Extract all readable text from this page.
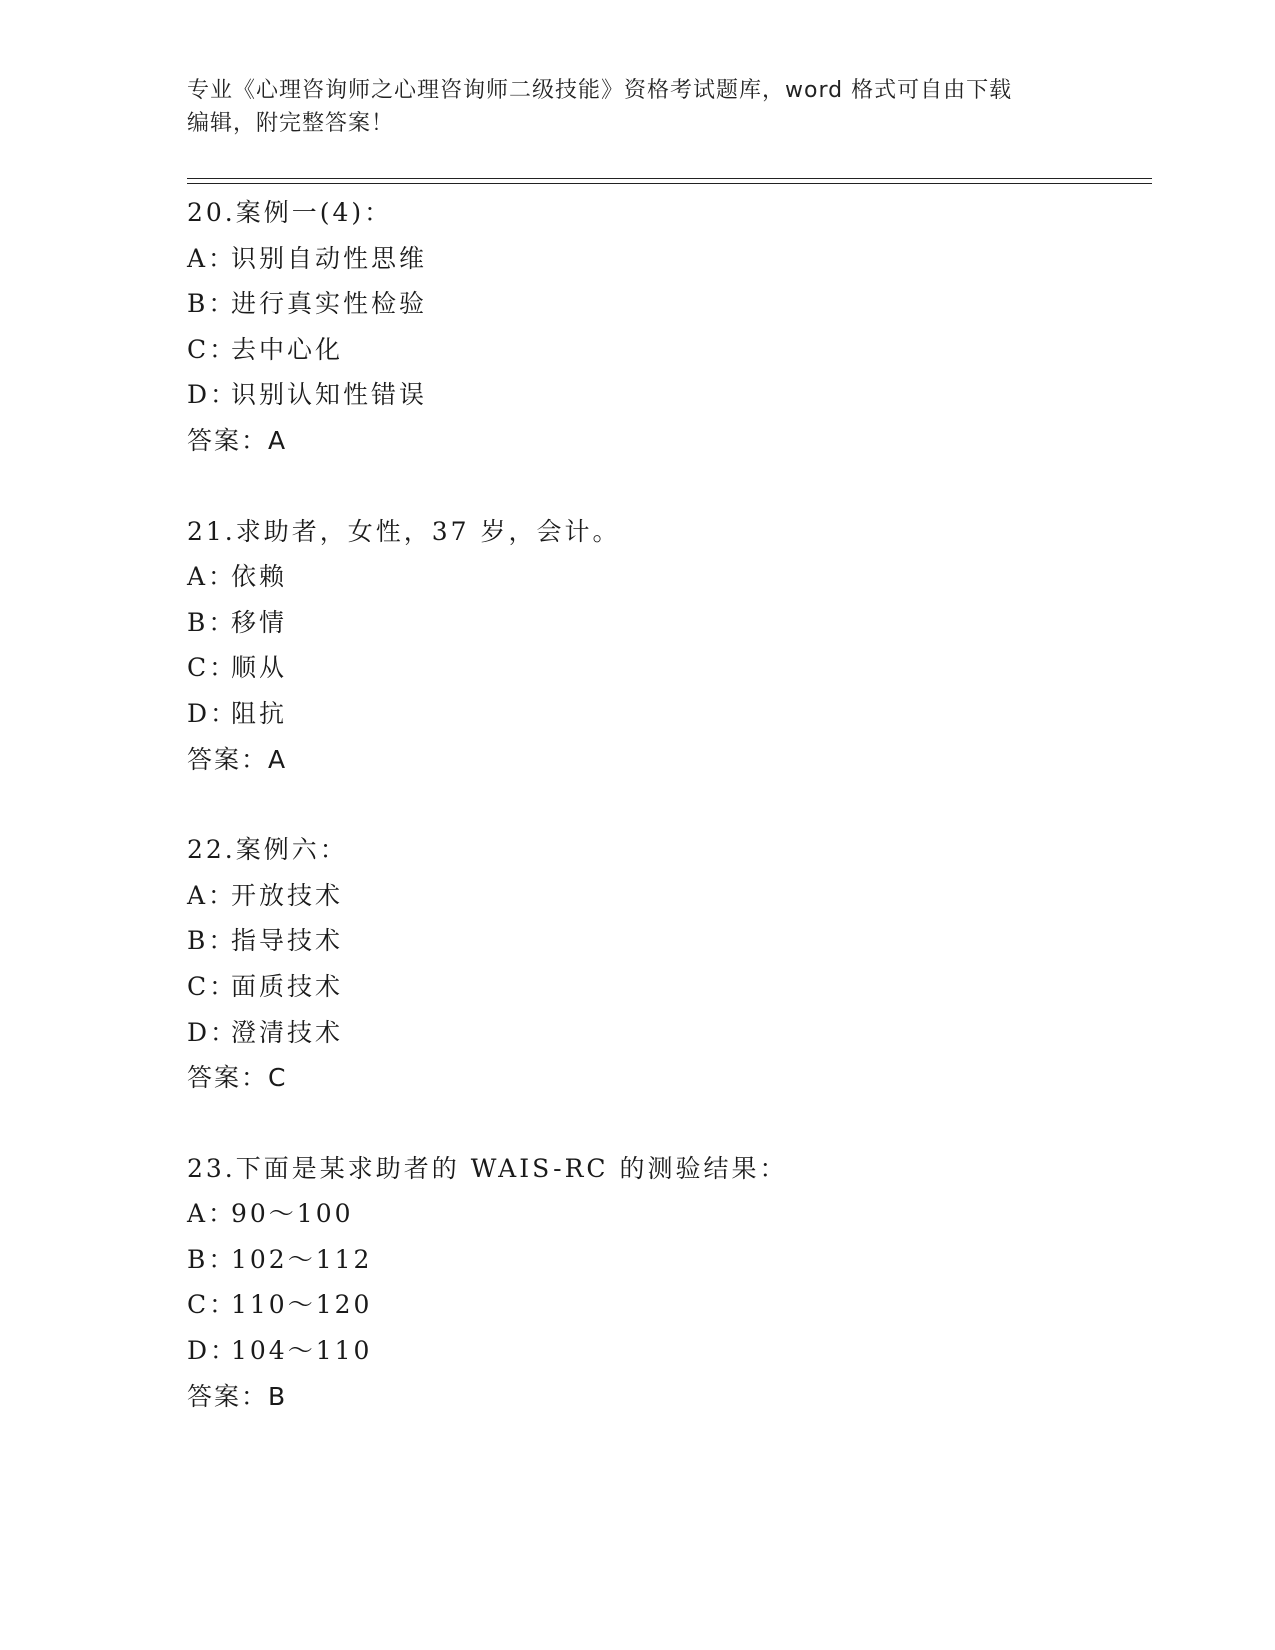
专业《心理咨询师之心理咨询师二级技能》资格考试题库，word 格式可自由下载
编辑，附完整答案！
20.案例一(4)：
A：识别自动性思维
B：进行真实性检验
C：去中心化
D：识别认知性错误
答案：A
21.求助者，女性，37 岁，会计。
A：依赖
B：移情
C：顺从
D：阻抗
答案：A
22.案例六：
A：开放技术
B：指导技术
C：面质技术
D：澄清技术
答案：C
23.下面是某求助者的 WAIS-RC 的测验结果：
A：90～100
B：102～112
C：110～120
D：104～110
答案：B
